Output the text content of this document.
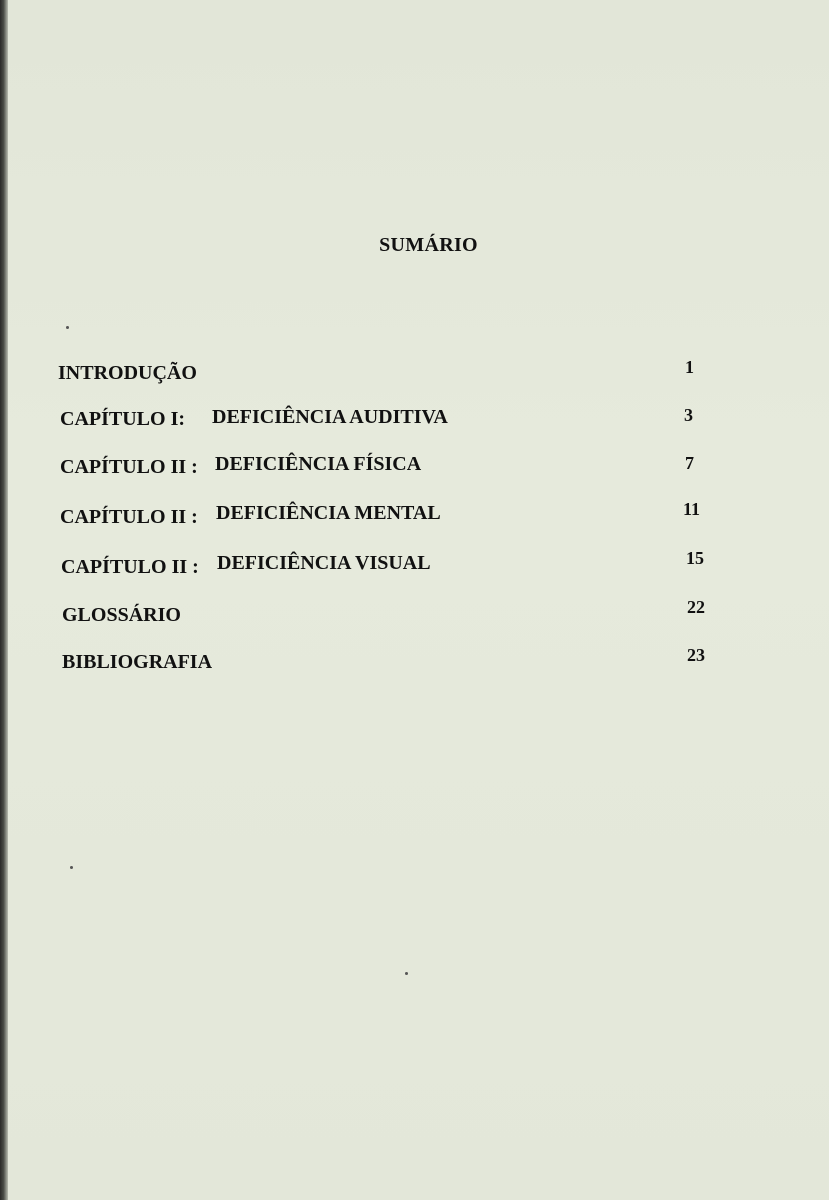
SUMÁRIO
INTRODUÇÃO	1
CAPÍTULO I: DEFICIÊNCIA AUDITIVA	3
CAPÍTULO II : DEFICIÊNCIA FÍSICA	7
CAPÍTULO II : DEFICIÊNCIA MENTAL	11
CAPÍTULO II : DEFICIÊNCIA VISUAL	15
GLOSSÁRIO	22
BIBLIOGRAFIA	23
